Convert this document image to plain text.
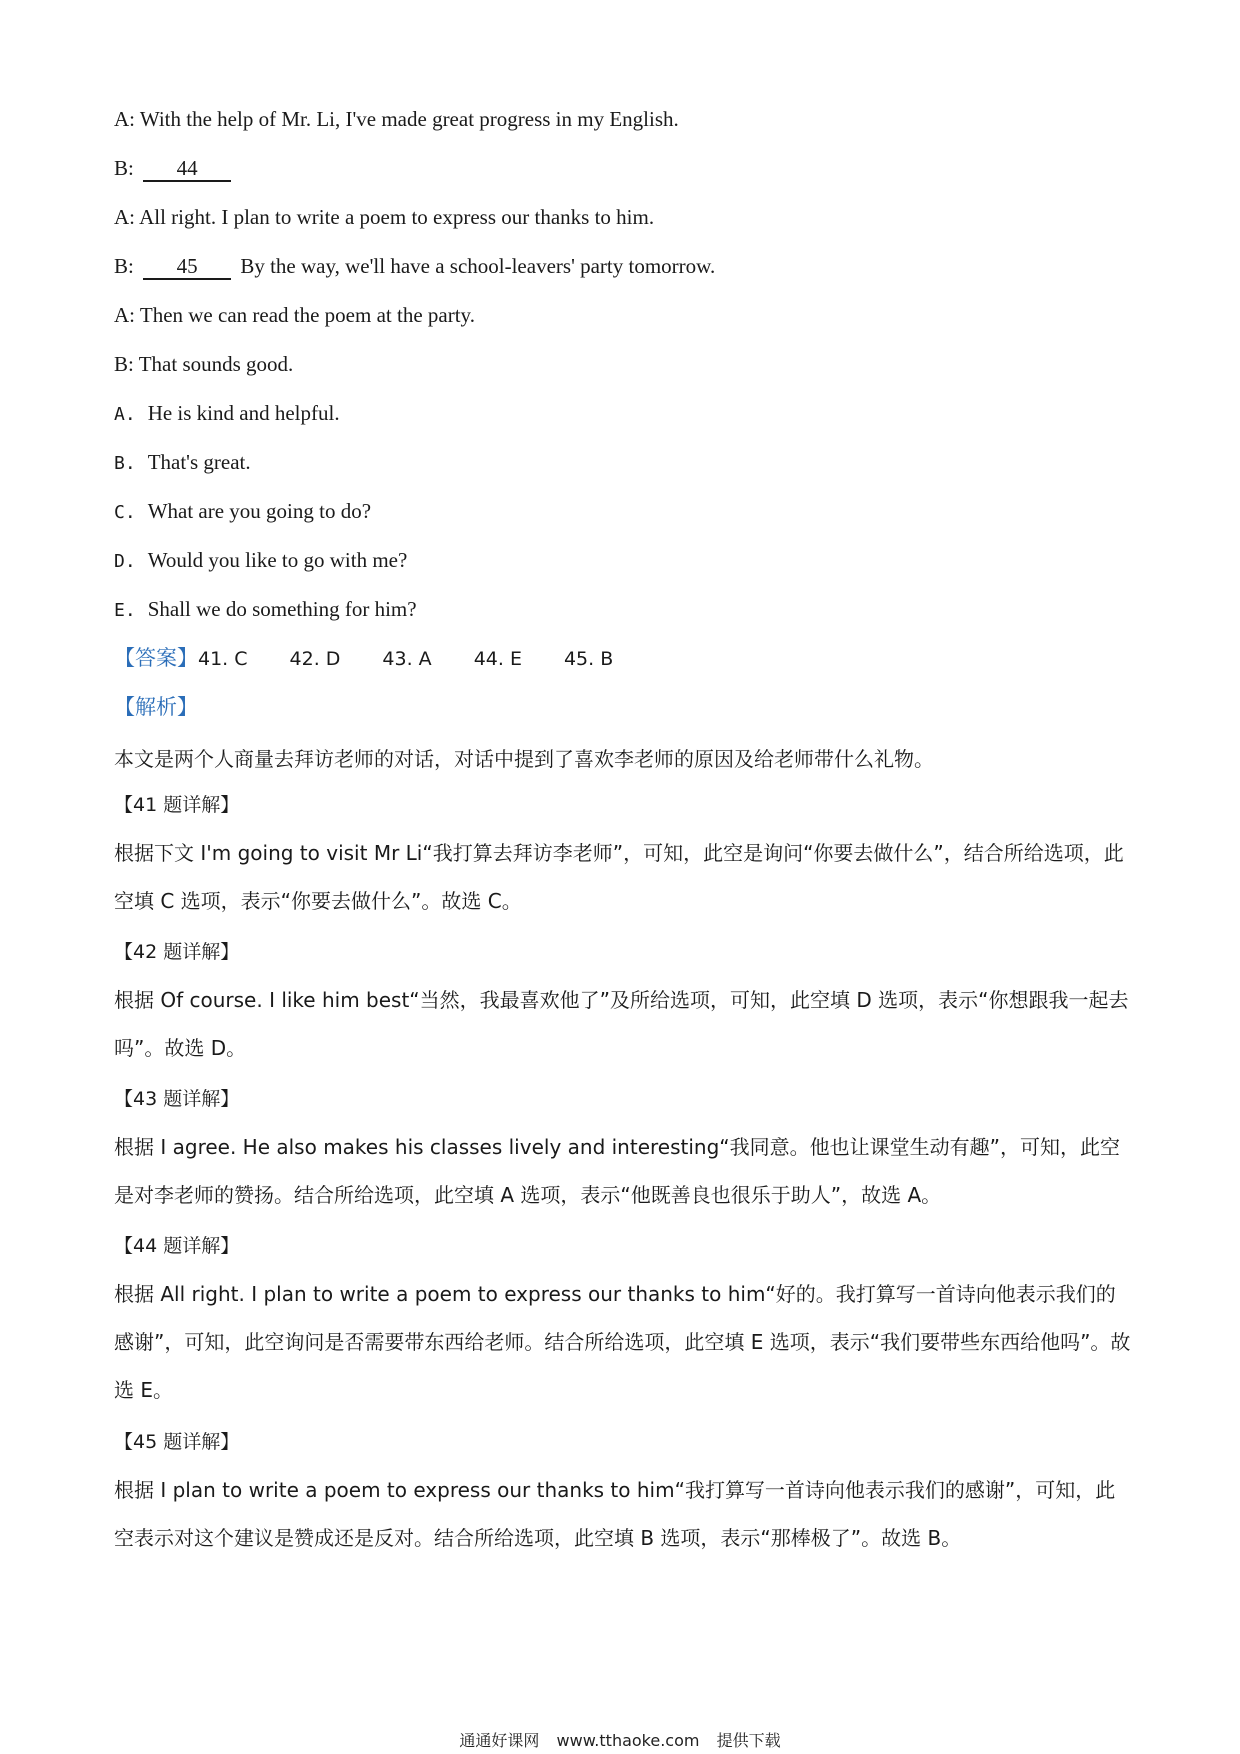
A: With the help of Mr. Li, I've made great progress in my English.
B: 44
A: All right. I plan to write a poem to express our thanks to him.
B: 45 By the way, we'll have a school-leavers' party tomorrow.
A: Then we can read the poem at the party.
B: That sounds good.
A. He is kind and helpful.
B. That's great.
C. What are you going to do?
D. Would you like to go with me?
E. Shall we do something for him?
【答案】41. C 42. D 43. A 44. E 45. B
【解析】
本文是两个人商量去拜访老师的对话，对话中提到了喜欢李老师的原因及给老师带什么礼物。
【41 题详解】
根据下文 I'm going to visit Mr Li“我打算去拜访李老师”，可知，此空是询问“你要去做什么”，结合所给选项，此空填 C 选项，表示“你要去做什么”。故选 C。
【42 题详解】
根据 Of course. I like him best“当然，我最喜欢他了”及所给选项，可知，此空填 D 选项，表示“你想跟我一起去吗”。故选 D。
【43 题详解】
根据 I agree. He also makes his classes lively and interesting“我同意。他也让课堂生动有趣”，可知，此空是对李老师的赞扬。结合所给选项，此空填 A 选项，表示“他既善良也很乐于助人”，故选 A。
【44 题详解】
根据 All right. I plan to write a poem to express our thanks to him“好的。我打算写一首诗向他表示我们的感谢”，可知，此空询问是否需要带东西给老师。结合所给选项，此空填 E 选项，表示“我们要带些东西给他吗”。故选 E。
【45 题详解】
根据 I plan to write a poem to express our thanks to him“我打算写一首诗向他表示我们的感谢”，可知，此空表示对这个建议是赞成还是反对。结合所给选项，此空填 B 选项，表示“那棒极了”。故选 B。
通通好课网 www.tthaoke.com 提供下载
